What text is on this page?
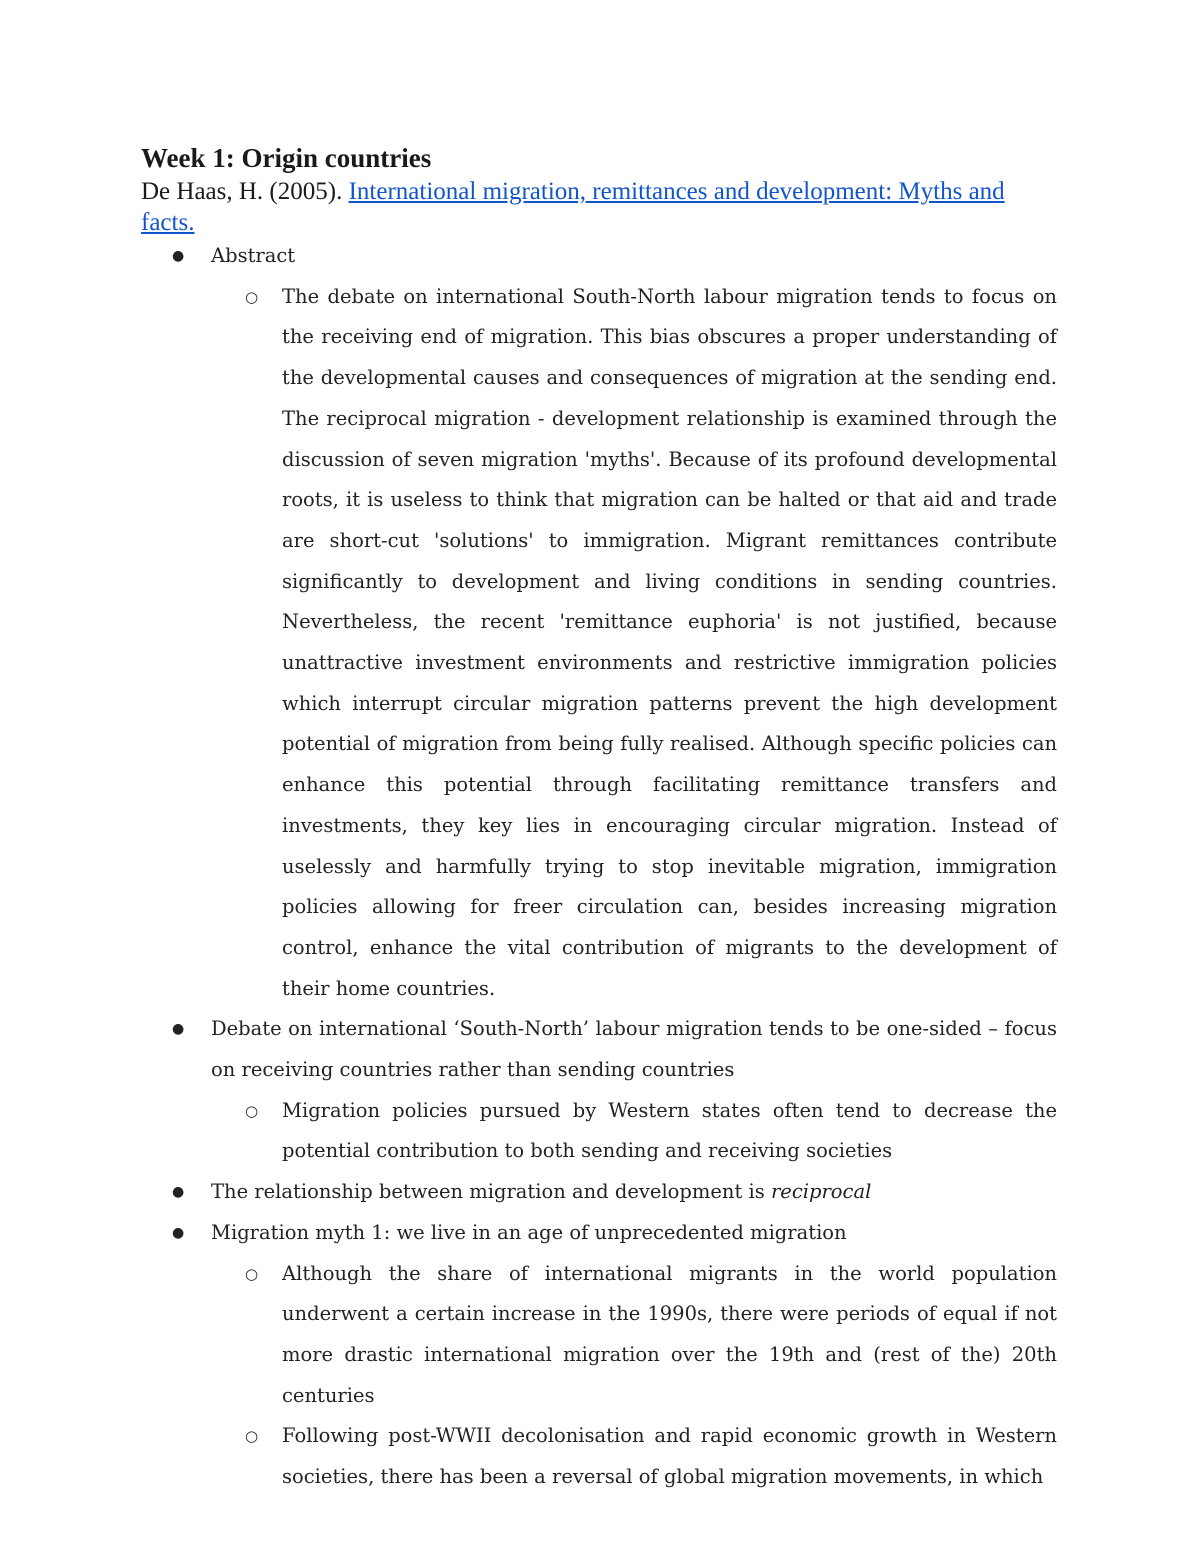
Week 1: Origin countries
De Haas, H. (2005). International migration, remittances and development: Myths and facts.
● Abstract
○ The debate on international South-North labour migration tends to focus on the receiving end of migration. This bias obscures a proper understanding of the developmental causes and consequences of migration at the sending end. The reciprocal migration - development relationship is examined through the discussion of seven migration 'myths'. Because of its profound developmental roots, it is useless to think that migration can be halted or that aid and trade are short-cut 'solutions' to immigration. Migrant remittances contribute significantly to development and living conditions in sending countries. Nevertheless, the recent 'remittance euphoria' is not justified, because unattractive investment environments and restrictive immigration policies which interrupt circular migration patterns prevent the high development potential of migration from being fully realised. Although specific policies can enhance this potential through facilitating remittance transfers and investments, they key lies in encouraging circular migration. Instead of uselessly and harmfully trying to stop inevitable migration, immigration policies allowing for freer circulation can, besides increasing migration control, enhance the vital contribution of migrants to the development of their home countries.
● Debate on international ‘South-North’ labour migration tends to be one-sided – focus on receiving countries rather than sending countries
○ Migration policies pursued by Western states often tend to decrease the potential contribution to both sending and receiving societies
● The relationship between migration and development is reciprocal
● Migration myth 1: we live in an age of unprecedented migration
○ Although the share of international migrants in the world population underwent a certain increase in the 1990s, there were periods of equal if not more drastic international migration over the 19th and (rest of the) 20th centuries
○ Following post-WWII decolonisation and rapid economic growth in Western societies, there has been a reversal of global migration movements, in which
